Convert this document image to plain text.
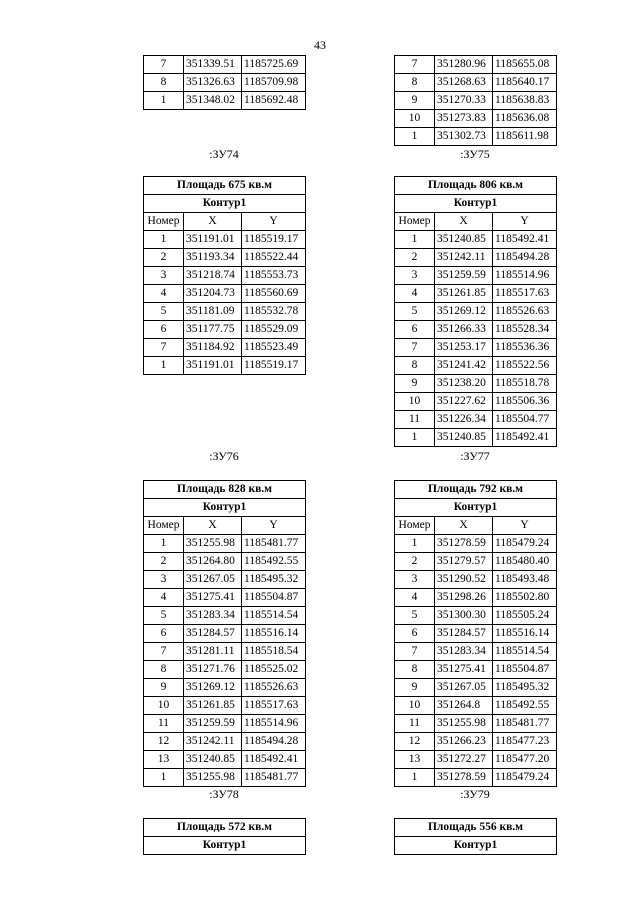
43
7	351339.51	1185725.69
8	351326.63	1185709.98
1	351348.02	1185692.48
:ЗУ74
7	351280.96	1185655.08
8	351268.63	1185640.17
9	351270.33	1185638.83
10	351273.83	1185636.08
1	351302.73	1185611.98
:ЗУ75
Площадь 675 кв.м		
Контур1		
Номер	X	Y
1	351191.01	1185519.17
2	351193.34	1185522.44
3	351218.74	1185553.73
4	351204.73	1185560.69
5	351181.09	1185532.78
6	351177.75	1185529.09
7	351184.92	1185523.49
1	351191.01	1185519.17
:ЗУ76
Площадь 806 кв.м		
Контур1		
Номер	X	Y
1	351240.85	1185492.41
2	351242.11	1185494.28
3	351259.59	1185514.96
4	351261.85	1185517.63
5	351269.12	1185526.63
6	351266.33	1185528.34
7	351253.17	1185536.36
8	351241.42	1185522.56
9	351238.20	1185518.78
10	351227.62	1185506.36
11	351226.34	1185504.77
1	351240.85	1185492.41
:ЗУ77
Площадь 828 кв.м		
Контур1		
Номер	X	Y
1	351255.98	1185481.77
2	351264.80	1185492.55
3	351267.05	1185495.32
4	351275.41	1185504.87
5	351283.34	1185514.54
6	351284.57	1185516.14
7	351281.11	1185518.54
8	351271.76	1185525.02
9	351269.12	1185526.63
10	351261.85	1185517.63
11	351259.59	1185514.96
12	351242.11	1185494.28
13	351240.85	1185492.41
1	351255.98	1185481.77
:ЗУ78
Площадь 792 кв.м		
Контур1		
Номер	X	Y
1	351278.59	1185479.24
2	351279.57	1185480.40
3	351290.52	1185493.48
4	351298.26	1185502.80
5	351300.30	1185505.24
6	351284.57	1185516.14
7	351283.34	1185514.54
8	351275.41	1185504.87
9	351267.05	1185495.32
10	351264.8	1185492.55
11	351255.98	1185481.77
12	351266.23	1185477.23
13	351272.27	1185477.20
1	351278.59	1185479.24
:ЗУ79
Площадь 572 кв.м
Контур1
Площадь 556 кв.м
Контур1
